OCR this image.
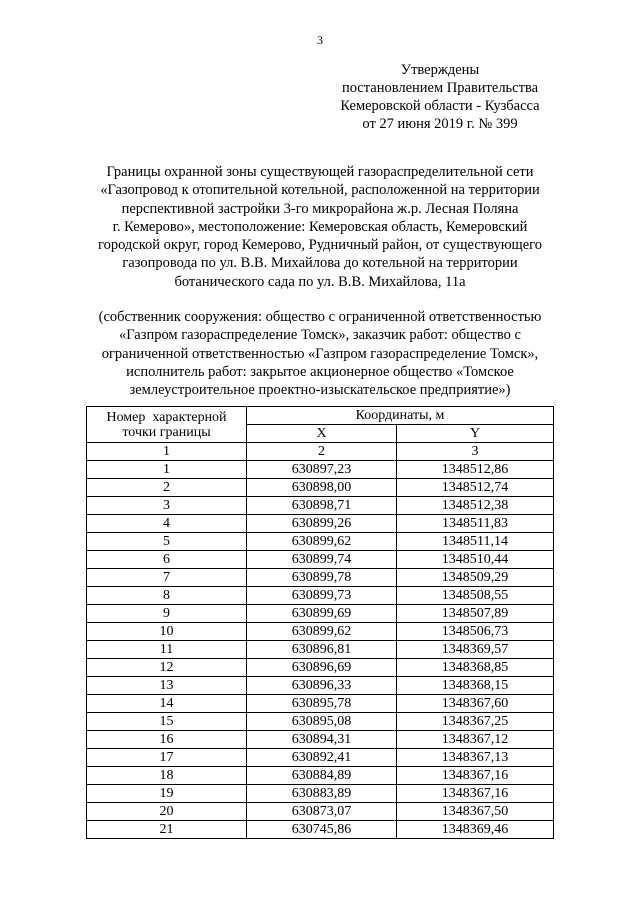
3
Утверждены
постановлением Правительства
Кемеровской области - Кузбасса
от 27 июня 2019 г. № 399
Границы охранной зоны существующей газораспределительной сети
«Газопровод к отопительной котельной, расположенной на территории
перспективной застройки 3-го микрорайона ж.р. Лесная Поляна
г. Кемерово», местоположение: Кемеровская область, Кемеровский
городской округ, город Кемерово, Рудничный район, от существующего
газопровода по ул. В.В. Михайлова до котельной на территории
ботанического сада по ул. В.В. Михайлова, 11а
(собственник сооружения: общество с ограниченной ответственностью
«Газпром газораспределение Томск», заказчик работ: общество с
ограниченной ответственностью «Газпром газораспределение Томск»,
исполнитель работ: закрытое акционерное общество «Томское
землеустроительное проектно-изыскательское предприятие»)
Номер  характерной
точки границы	Координаты, м	
	X	Y
1	2	3
1	630897,23	1348512,86
2	630898,00	1348512,74
3	630898,71	1348512,38
4	630899,26	1348511,83
5	630899,62	1348511,14
6	630899,74	1348510,44
7	630899,78	1348509,29
8	630899,73	1348508,55
9	630899,69	1348507,89
10	630899,62	1348506,73
11	630896,81	1348369,57
12	630896,69	1348368,85
13	630896,33	1348368,15
14	630895,78	1348367,60
15	630895,08	1348367,25
16	630894,31	1348367,12
17	630892,41	1348367,13
18	630884,89	1348367,16
19	630883,89	1348367,16
20	630873,07	1348367,50
21	630745,86	1348369,46
